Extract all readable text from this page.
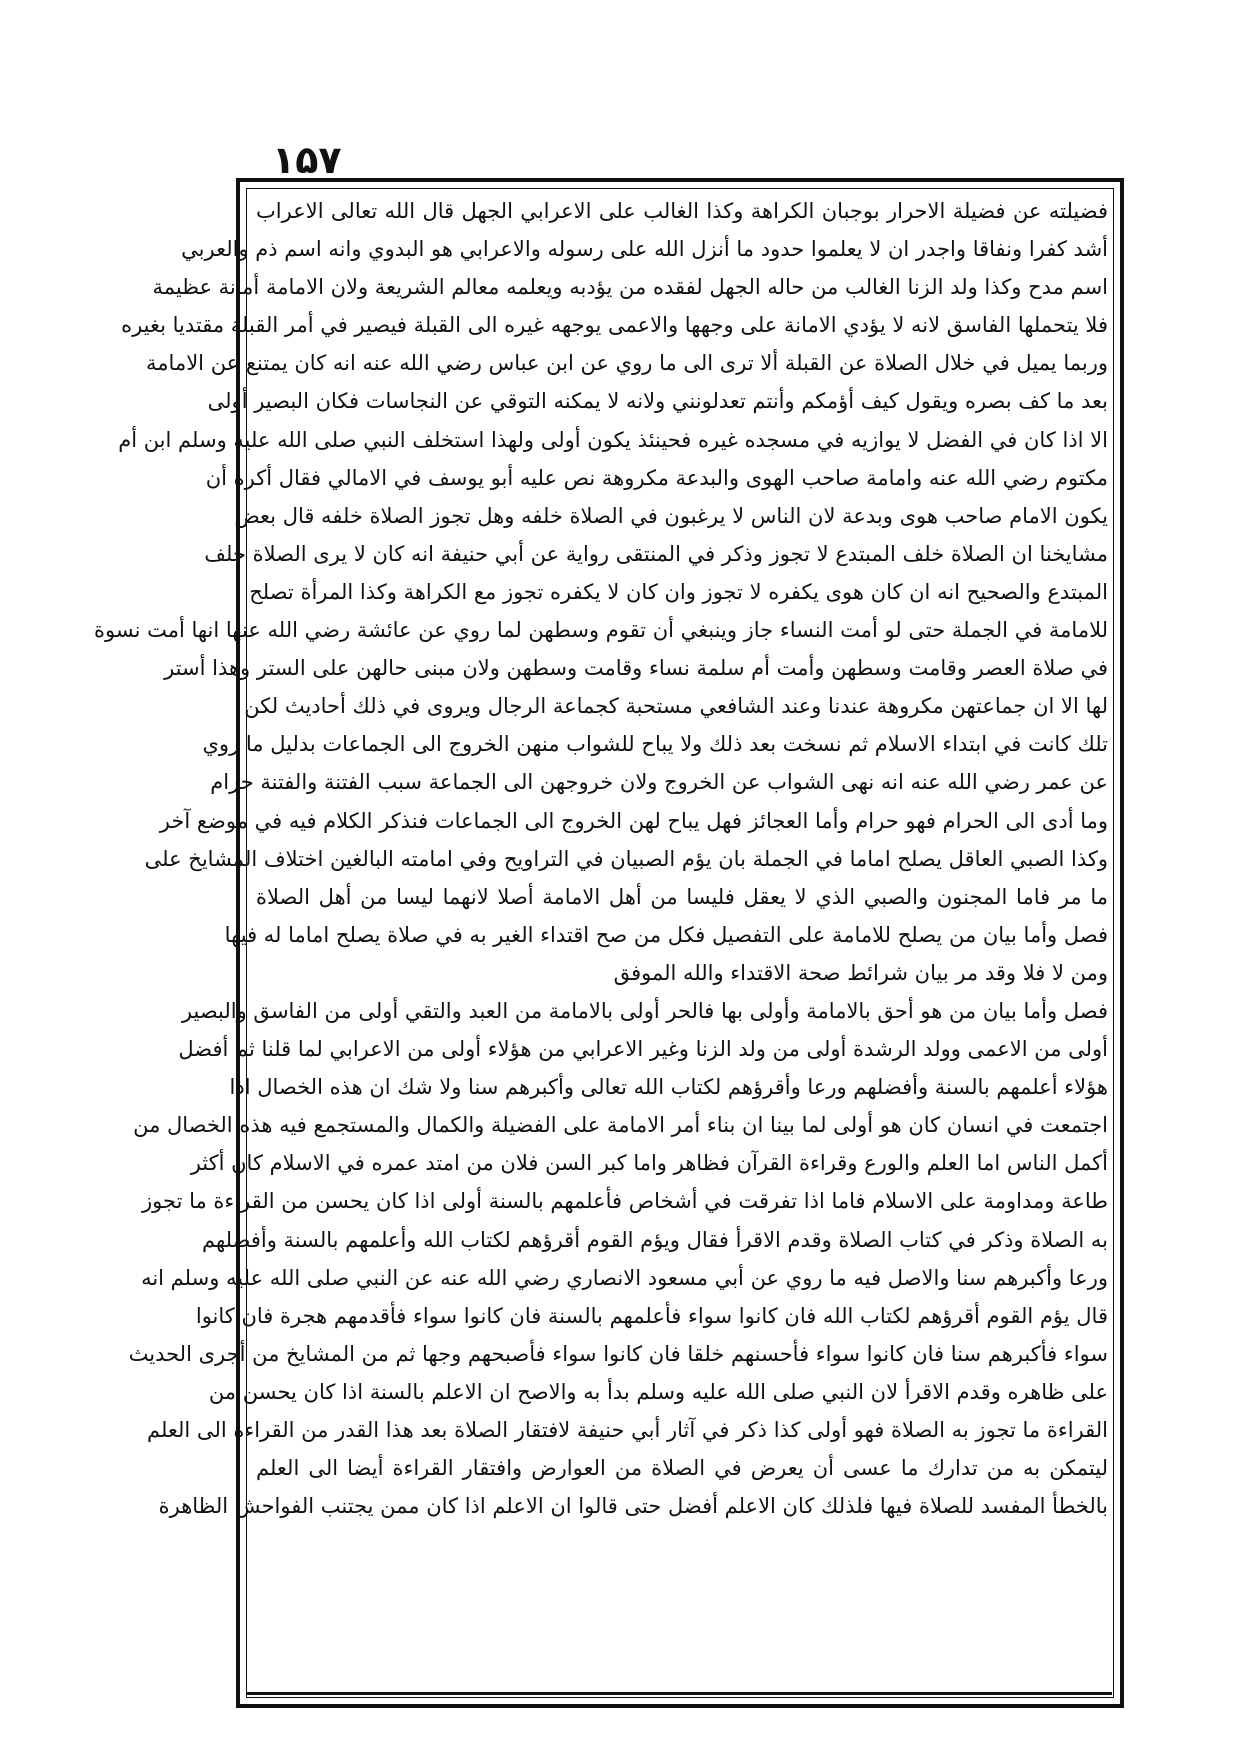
۱۵۷
فضيلته عن فضيلة الاحرار بوجبان الكراهة وكذا الغالب على الاعرابي الجهل قال الله تعالى الاعراب
أشد كفرا ونفاقا واجدر ان لا يعلموا حدود ما أنزل الله على رسوله والاعرابي هو البدوي وانه اسم ذم والعربي
اسم مدح وكذا ولد الزنا الغالب من حاله الجهل لفقده من يؤدبه ويعلمه معالم الشريعة ولان الامامة أمانة عظيمة
فلا يتحملها الفاسق لانه لا يؤدي الامانة على وجهها والاعمى يوجهه غيره الى القبلة فيصير في أمر القبلة مقتديا بغيره
وربما يميل في خلال الصلاة عن القبلة ألا ترى الى ما روي عن ابن عباس رضي الله عنه انه كان يمتنع عن الامامة
بعد ما كف بصره ويقول كيف أؤمكم وأنتم تعدلونني ولانه لا يمكنه التوقي عن النجاسات فكان البصير أولى
الا اذا كان في الفضل لا يوازيه في مسجده غيره فحينئذ يكون أولى ولهذا استخلف النبي صلى الله عليه وسلم ابن أم
مكتوم رضي الله عنه وامامة صاحب الهوى والبدعة مكروهة نص عليه أبو يوسف في الامالي فقال أكره أن
يكون الامام صاحب هوى وبدعة لان الناس لا يرغبون في الصلاة خلفه وهل تجوز الصلاة خلفه قال بعض
مشايخنا ان الصلاة خلف المبتدع لا تجوز وذكر في المنتقى رواية عن أبي حنيفة انه كان لا يرى الصلاة خلف
المبتدع والصحيح انه ان كان هوى يكفره لا تجوز وان كان لا يكفره تجوز مع الكراهة وكذا المرأة تصلح
للامامة في الجملة حتى لو أمت النساء جاز وينبغي أن تقوم وسطهن لما روي عن عائشة رضي الله عنها انها أمت نسوة
في صلاة العصر وقامت وسطهن وأمت أم سلمة نساء وقامت وسطهن ولان مبنى حالهن على الستر وهذا أستر
لها الا ان جماعتهن مكروهة عندنا وعند الشافعي مستحبة كجماعة الرجال ويروى في ذلك أحاديث لكن
تلك كانت في ابتداء الاسلام ثم نسخت بعد ذلك ولا يباح للشواب منهن الخروج الى الجماعات بدليل ما روي
عن عمر رضي الله عنه انه نهى الشواب عن الخروج ولان خروجهن الى الجماعة سبب الفتنة والفتنة حرام
وما أدى الى الحرام فهو حرام وأما العجائز فهل يباح لهن الخروج الى الجماعات فنذكر الكلام فيه في موضع آخر
وكذا الصبي العاقل يصلح اماما في الجملة بان يؤم الصبيان في التراويح وفي امامته البالغين اختلاف المشايخ على
ما مر فاما المجنون والصبي الذي لا يعقل فليسا من أهل الامامة أصلا لانهما ليسا من أهل الصلاة
فصل وأما بيان من يصلح للامامة على التفصيل فكل من صح اقتداء الغير به في صلاة يصلح اماما له فيها
ومن لا فلا وقد مر بيان شرائط صحة الاقتداء والله الموفق
فصل وأما بيان من هو أحق بالامامة وأولى بها فالحر أولى بالامامة من العبد والتقي أولى من الفاسق والبصير
أولى من الاعمى وولد الرشدة أولى من ولد الزنا وغير الاعرابي من هؤلاء أولى من الاعرابي لما قلنا ثم أفضل
هؤلاء أعلمهم بالسنة وأفضلهم ورعا وأقرؤهم لكتاب الله تعالى وأكبرهم سنا ولا شك ان هذه الخصال اذا
اجتمعت في انسان كان هو أولى لما بينا ان بناء أمر الامامة على الفضيلة والكمال والمستجمع فيه هذه الخصال من
أكمل الناس اما العلم والورع وقراءة القرآن فظاهر واما كبر السن فلان من امتد عمره في الاسلام كان أكثر
طاعة ومداومة على الاسلام فاما اذا تفرقت في أشخاص فأعلمهم بالسنة أولى اذا كان يحسن من القراءة ما تجوز
به الصلاة وذكر في كتاب الصلاة وقدم الاقرأ فقال ويؤم القوم أقرؤهم لكتاب الله وأعلمهم بالسنة وأفضلهم
ورعا وأكبرهم سنا والاصل فيه ما روي عن أبي مسعود الانصاري رضي الله عنه عن النبي صلى الله عليه وسلم انه
قال يؤم القوم أقرؤهم لكتاب الله فان كانوا سواء فأعلمهم بالسنة فان كانوا سواء فأقدمهم هجرة فان كانوا
سواء فأكبرهم سنا فان كانوا سواء فأحسنهم خلقا فان كانوا سواء فأصبحهم وجها ثم من المشايخ من أجرى الحديث
على ظاهره وقدم الاقرأ لان النبي صلى الله عليه وسلم بدأ به والاصح ان الاعلم بالسنة اذا كان يحسن من
القراءة ما تجوز به الصلاة فهو أولى كذا ذكر في آثار أبي حنيفة لافتقار الصلاة بعد هذا القدر من القراءة الى العلم
ليتمكن به من تدارك ما عسى أن يعرض في الصلاة من العوارض وافتقار القراءة أيضا الى العلم
بالخطأ المفسد للصلاة فيها فلذلك كان الاعلم أفضل حتى قالوا ان الاعلم اذا كان ممن يجتنب الفواحش الظاهرة
